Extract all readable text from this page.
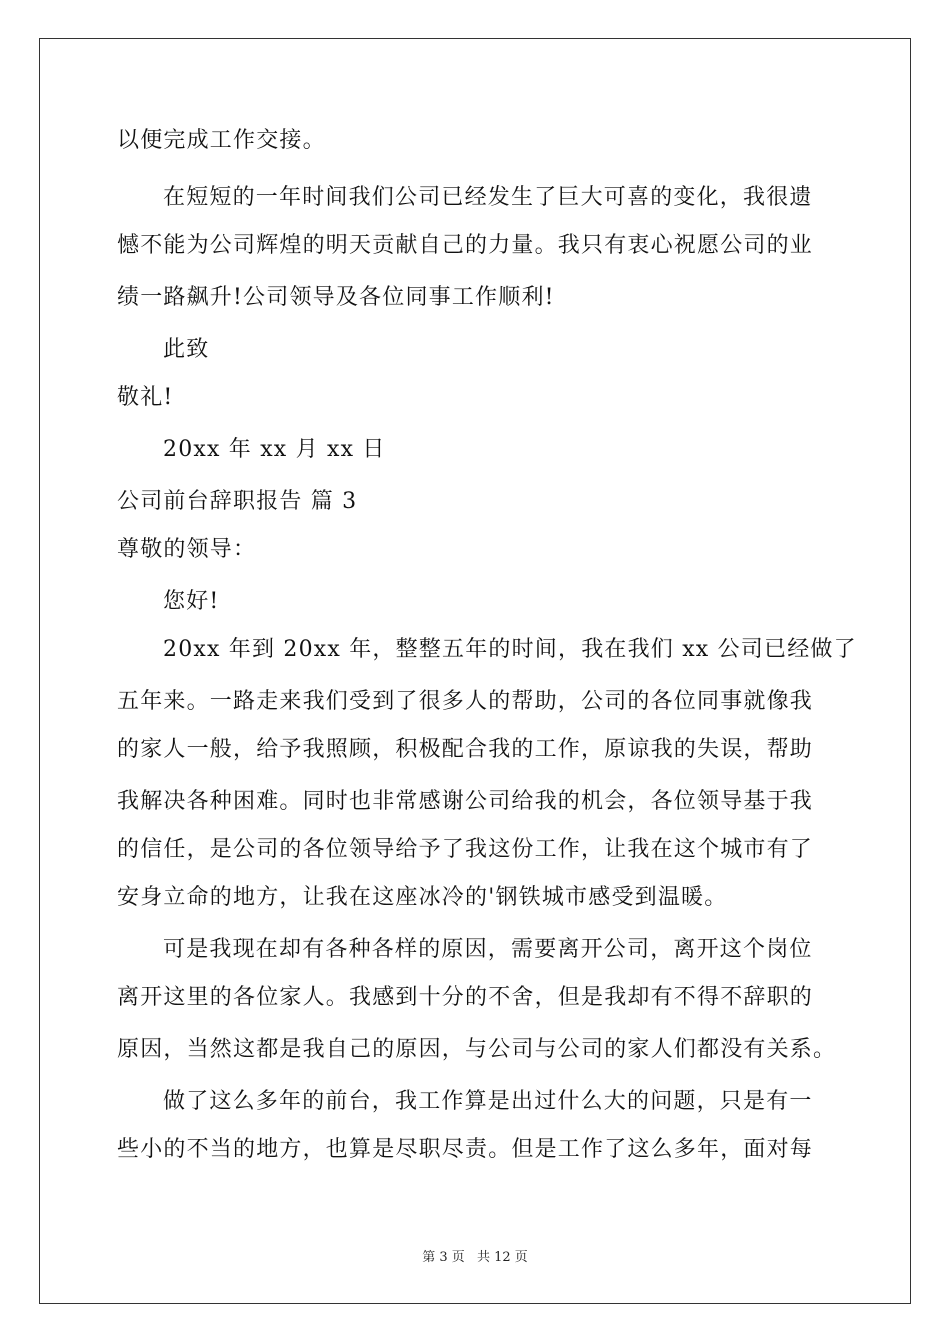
以便完成工作交接。
在短短的一年时间我们公司已经发生了巨大可喜的变化，我很遗
憾不能为公司辉煌的明天贡献自己的力量。我只有衷心祝愿公司的业
绩一路飙升!公司领导及各位同事工作顺利!
此致
敬礼!
20xx 年 xx 月 xx 日
公司前台辞职报告 篇 3
尊敬的领导：
您好!
20xx 年到 20xx 年，整整五年的时间，我在我们 xx 公司已经做了
五年来。一路走来我们受到了很多人的帮助，公司的各位同事就像我
的家人一般，给予我照顾，积极配合我的工作，原谅我的失误，帮助
我解决各种困难。同时也非常感谢公司给我的机会，各位领导基于我
的信任，是公司的各位领导给予了我这份工作，让我在这个城市有了
安身立命的地方，让我在这座冰冷的'钢铁城市感受到温暖。
可是我现在却有各种各样的原因，需要离开公司，离开这个岗位
离开这里的各位家人。我感到十分的不舍，但是我却有不得不辞职的
原因，当然这都是我自己的原因，与公司与公司的家人们都没有关系。
做了这么多年的前台，我工作算是出过什么大的问题，只是有一
些小的不当的地方，也算是尽职尽责。但是工作了这么多年，面对每
第 3 页 共 12 页
